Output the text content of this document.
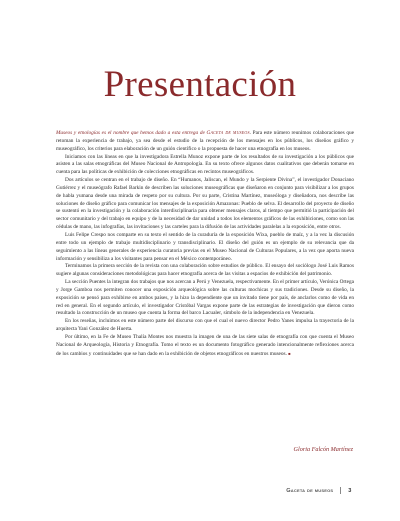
Presentación

Museos y etnologías es el nombre que hemos dado a esta entrega de Gaceta de museos. Para este número reunimos colaboraciones que retoman la experiencia de trabajo, ya sea desde el estudio de la recepción de los mensajes en los públicos, los diseños gráfico y museográfico, los criterios para elaboración de un guión científico o la propuesta de hacer una etnografía en los museos.

Iniciamos con las líneas en que la investigadora Estrella Munoz expone parte de los resultados de su investigación a los públicos que asisten a las salas etnográficas del Museo Nacional de Antropología. En su texto ofrece algunos datos cualitativos que deberán tomarse en cuenta para las políticas de exhibición de colecciones etnográficas en recintos museográficos.

Dos artículos se centran en el trabajo de diseño. En “Humanos, Jaliscan, el Mundo y la Serpiente Divina”, el investigador Donaciano Gutiérrez y el museógrafo Rafael Barkin de describen las soluciones museográficas que diseñaron en conjunto para visibilizar a los grupos de habla yumana desde una mirada de respeto por su cultura. Por su parte, Cristina Martínez, museóloga y diseñadora, nos describe las soluciones de diseño gráfico para comunicar los mensajes de la exposición Amazonas: Pueblo de selva. El desarrollo del proyecto de diseño se sustentó en la investigación y la colaboración interdisciplinaria para obtener mensajes claros, al tiempo que permitió la participación del sector comunitario y del trabajo en equipo y de la necesidad de dar unidad a todos los elementos gráficos de las exhibiciones, como son las cédulas de mano, las infografías, las invitaciones y las carteles para la difusión de las actividades paralelas a la exposición, entre otros.

Luis Felipe Crespo nos comparte en su texto el sentido de la curaduría de la exposición Wixa, pueblo de maíz, y a la vez la discusión entre todo un ejemplo de trabajo multidisciplinario y transdisciplinario. El diseño del guión es un ejemplo de su relevancia que da seguimiento a las líneas generales de experiencia curatoria previas en el Museo Nacional de Culturas Populares, a la vez que aporta nueva información y sensibiliza a los visitantes para pensar en el México contemporáneo.

Terminamos la primera sección de la revista con una colaboración sobre estudios de público. El ensayo del sociólogo José Luis Ramos sugiere algunas consideraciones metodológicas para hacer etnografía acerca de las visitas a espacios de exhibición del patrimonio.

La sección Puentes la integran dos trabajos que nos acercan a Perú y Venezuela, respectivamente. En el primer artículo, Verónica Ortega y Jorge Gamboa nos permiten conocer una exposición arqueológica sobre las culturas mochicas y sus tradiciones. Desde su diseño, la exposición se pensó para exhibirse en ambos países, y la hizo la dependiente que un invitado tiene por país, de anclarlos como de vida en red en general. En el segundo artículo, el investigador Cristóbal Vargas expone parte de las estrategias de investigación que dieron como resultado la construcción de un museo que cuenta la forma del barco Lacualer, símbolo de la independencia en Venezuela.

En los reseñas, incluimos en este número parte del discurso con que el cual el nuevo director Pedro Yanes impulsa la trayectoria de la arquitecta Yani González de Huerta.

Por último, en la Fe de Museo Thalía Montes nos muestra la imagen de una de las siete salas de etnografía con que cuenta el Museo Nacional de Arqueología, Historia y Etnografía. Tomo el texto es un documento fotográfico generado intencionalmente reflexiones acerca de los cambios y continuidades que se han dado en la exhibición de objetos etnográficos en nuestros museos. ■

Gloria Falcón Martínez
Gaceta de museos	3
